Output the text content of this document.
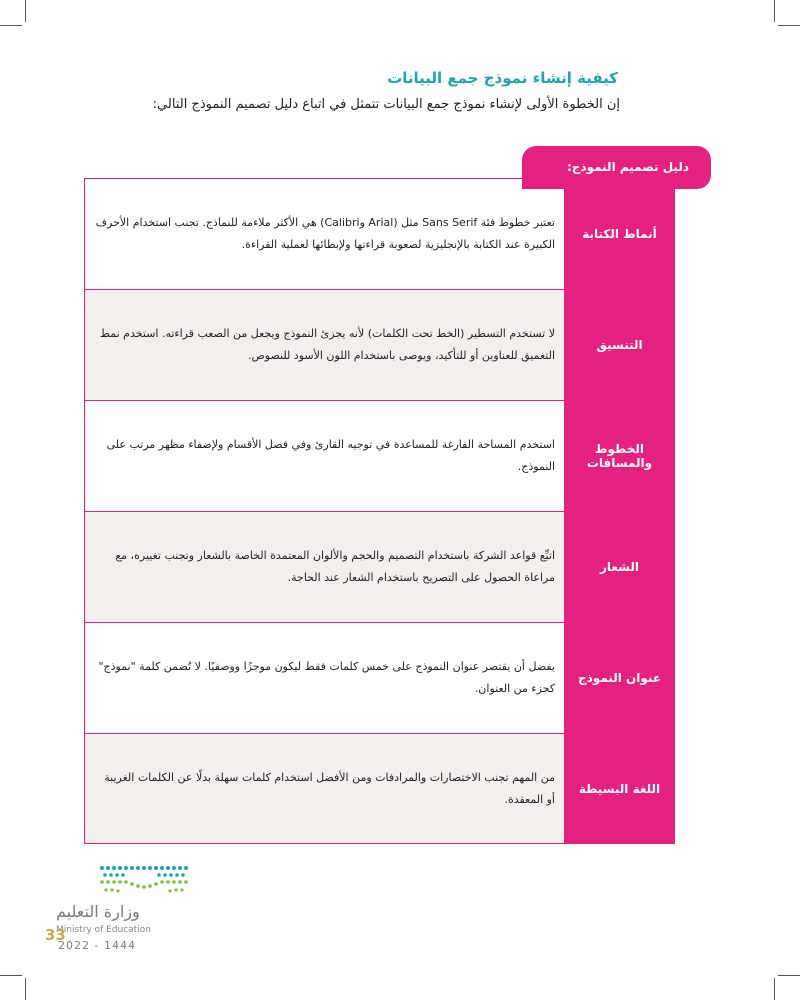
كيفية إنشاء نموذج جمع البيانات
إن الخطوة الأولى لإنشاء نموذج جمع البيانات تتمثل في اتباع دليل تصميم النموذج التالي:
دليل تصميم النموذج:
أنماط الكتابة
تعتبر خطوط فئة Sans Serif مثل (Arial وCalibri) هي الأكثر ملاءمة للنماذج. تجنب استخدام الأحرف الكبيرة عند الكتابة بالإنجليزية لصعوبة قراءتها ولإبطائها لعملية القراءة.
التنسيق
لا تستخدم التسطير (الخط تحت الكلمات) لأنه يجزئ النموذج ويجعل من الصعب قراءته. استخدم نمط التغميق للعناوين أو للتأكيد، ويوصى باستخدام اللون الأسود للنصوص.
الخطوط والمسافات
استخدم المساحة الفارغة للمساعدة في توجيه القارئ وفي فصل الأقسام ولإضفاء مظهر مرتب على النموذج.
الشعار
اتبِّع قواعد الشركة باستخدام التصميم والحجم والألوان المعتمدة الخاصة بالشعار وتجنب تغييره، مع مراعاة الحصول على التصريح باستخدام الشعار عند الحاجة.
عنوان النموذج
يفضل أن يقتصر عنوان النموذج على خمس كلمات فقط ليكون موجزًا ووصفيًا. لا تُضمن كلمة "نموذج" كجزء من العنوان.
اللغة البسيطة
من المهم تجنب الاختصارات والمرادفات ومن الأفضل استخدام كلمات سهلة بدلًا عن الكلمات الغريبة أو المعقدة.
وزارة التعليم
Ministry of Education
33
2022 - 1444
